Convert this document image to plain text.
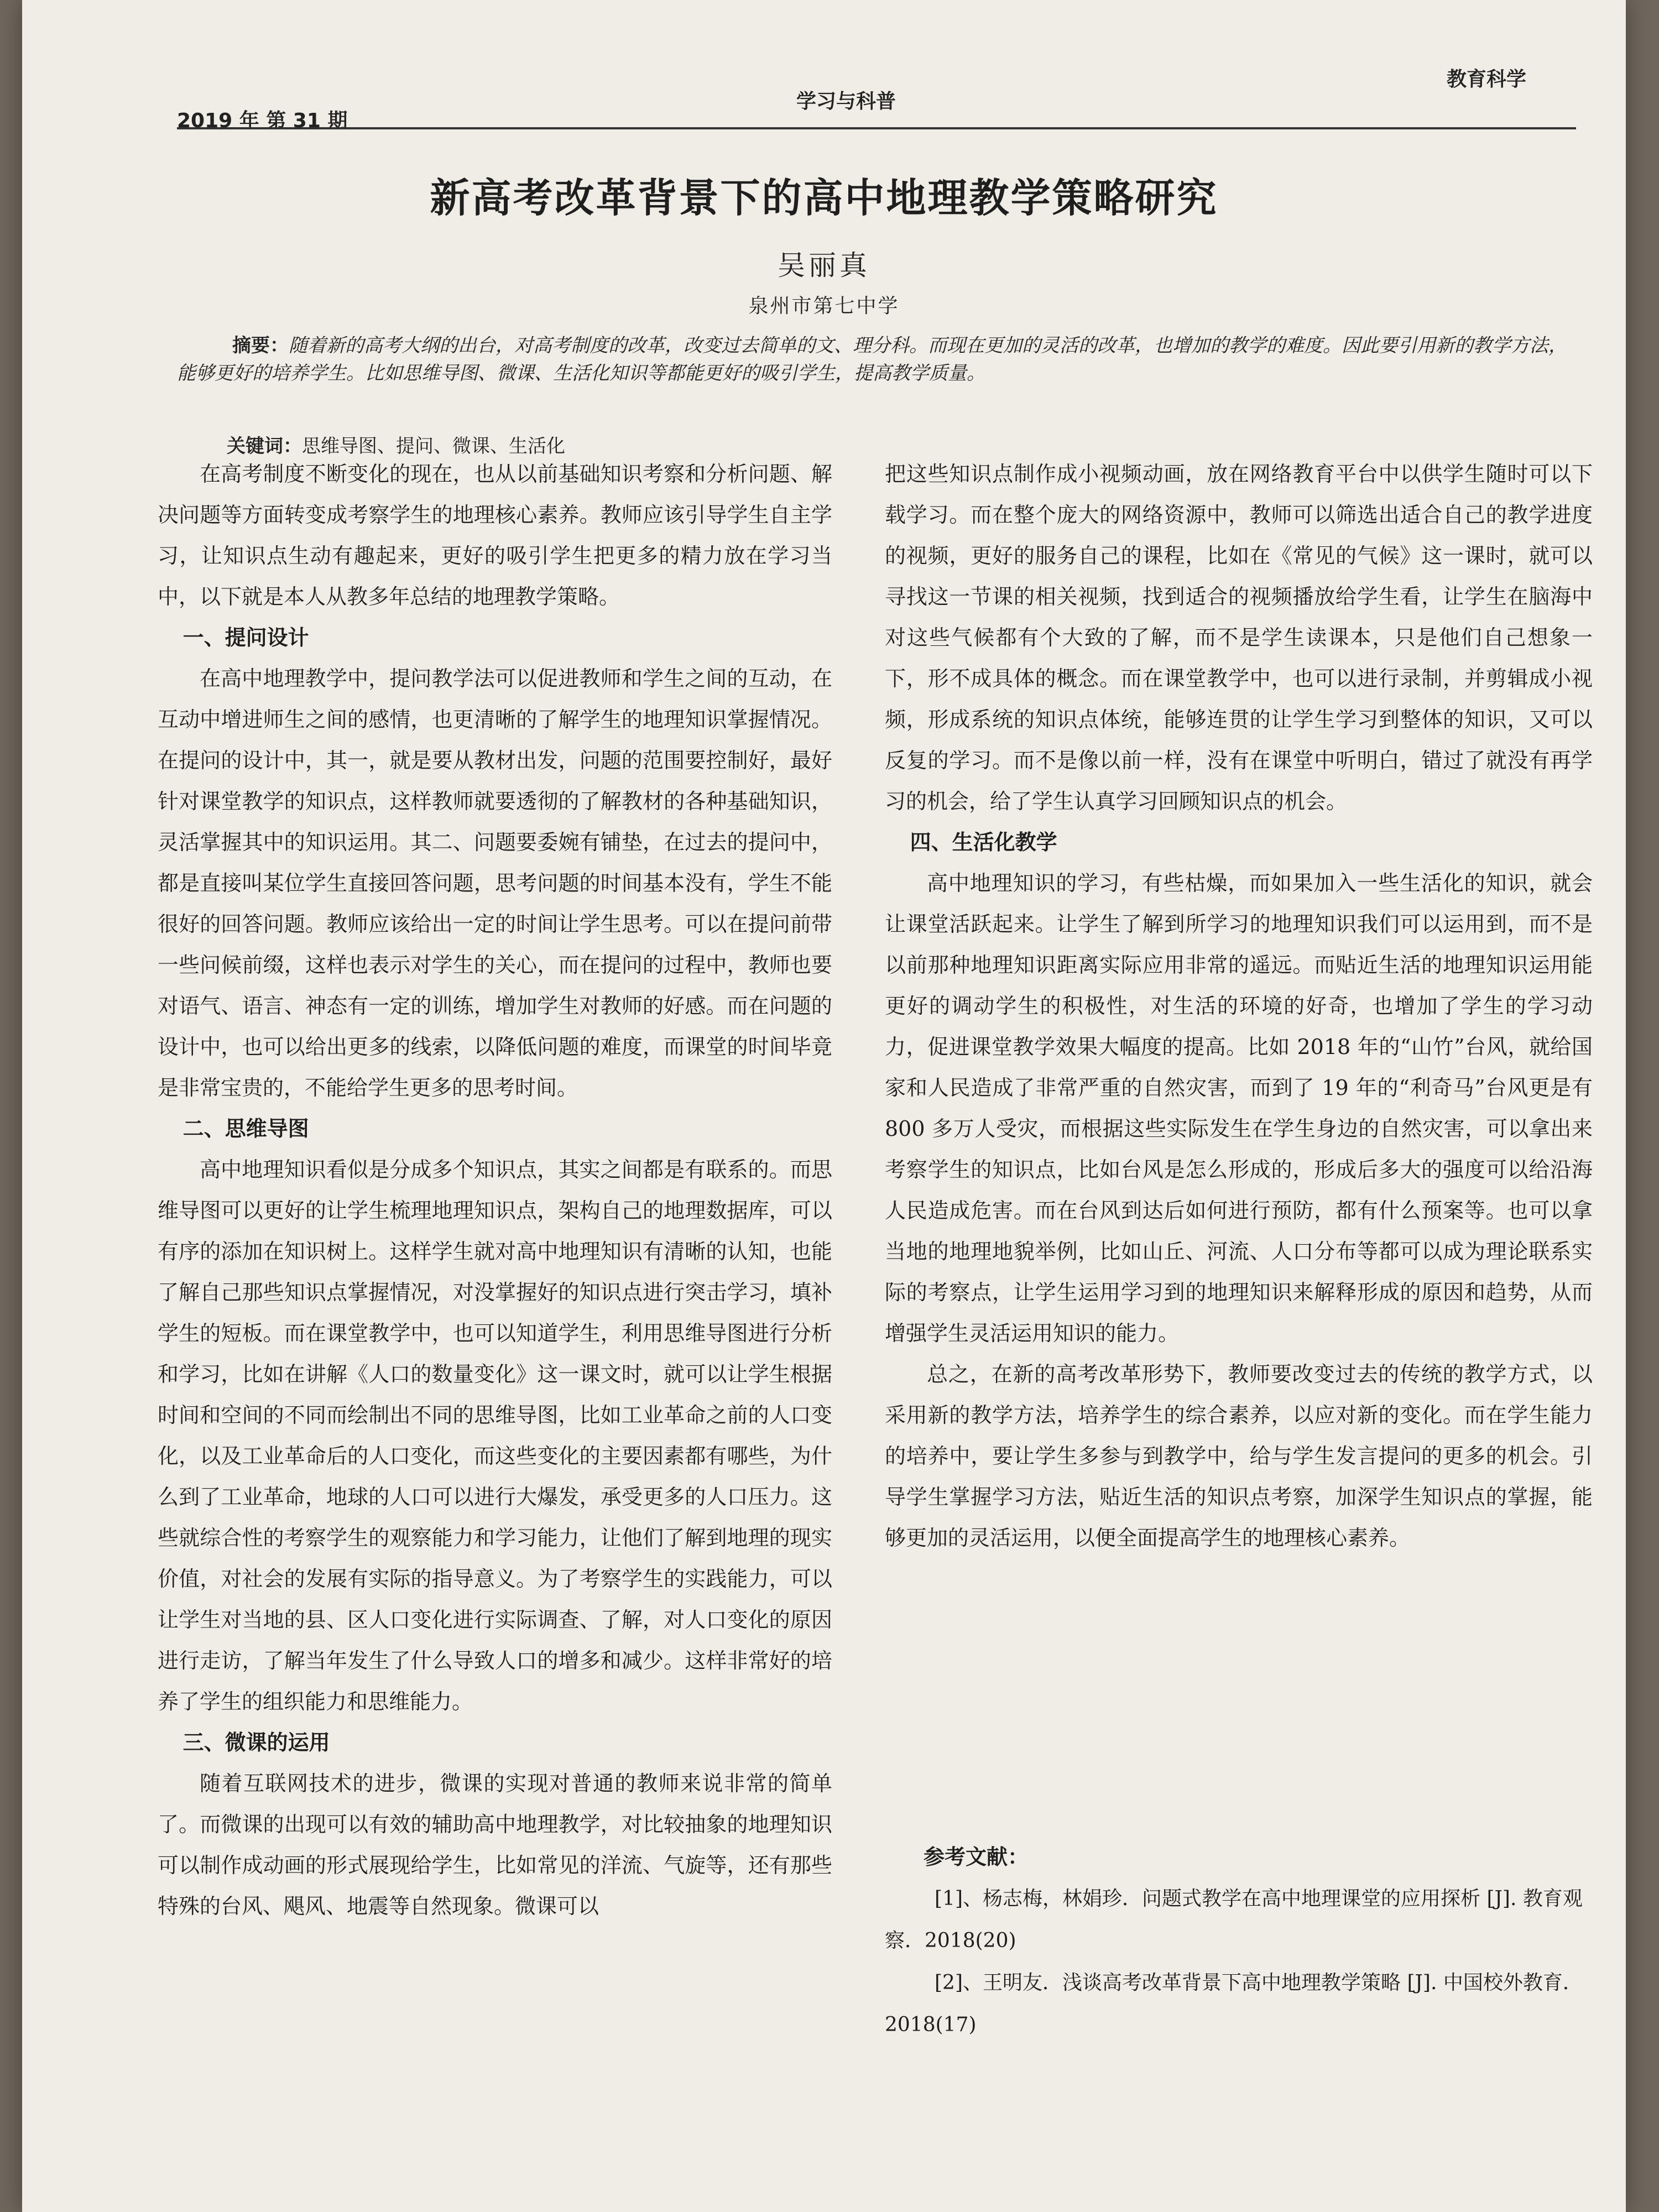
2019 年 第 31 期
学习与科普
教育科学
新高考改革背景下的高中地理教学策略研究
吴丽真
泉州市第七中学
摘要：随着新的高考大纲的出台，对高考制度的改革，改变过去简单的文、理分科。而现在更加的灵活的改革，也增加的教学的难度。因此要引用新的教学方法，能够更好的培养学生。比如思维导图、微课、生活化知识等都能更好的吸引学生，提高教学质量。
关键词：思维导图、提问、微课、生活化

在高考制度不断变化的现在，也从以前基础知识考察和分析问题、解决问题等方面转变成考察学生的地理核心素养。教师应该引导学生自主学习，让知识点生动有趣起来，更好的吸引学生把更多的精力放在学习当中，以下就是本人从教多年总结的地理教学策略。

一、提问设计

在高中地理教学中，提问教学法可以促进教师和学生之间的互动，在互动中增进师生之间的感情，也更清晰的了解学生的地理知识掌握情况。在提问的设计中，其一，就是要从教材出发，问题的范围要控制好，最好针对课堂教学的知识点，这样教师就要透彻的了解教材的各种基础知识，灵活掌握其中的知识运用。其二、问题要委婉有铺垫，在过去的提问中，都是直接叫某位学生直接回答问题，思考问题的时间基本没有，学生不能很好的回答问题。教师应该给出一定的时间让学生思考。可以在提问前带一些问候前缀，这样也表示对学生的关心，而在提问的过程中，教师也要对语气、语言、神态有一定的训练，增加学生对教师的好感。而在问题的设计中，也可以给出更多的线索，以降低问题的难度，而课堂的时间毕竟是非常宝贵的，不能给学生更多的思考时间。

二、思维导图

高中地理知识看似是分成多个知识点，其实之间都是有联系的。而思维导图可以更好的让学生梳理地理知识点，架构自己的地理数据库，可以有序的添加在知识树上。这样学生就对高中地理知识有清晰的认知，也能了解自己那些知识点掌握情况，对没掌握好的知识点进行突击学习，填补学生的短板。而在课堂教学中，也可以知道学生，利用思维导图进行分析和学习，比如在讲解《人口的数量变化》这一课文时，就可以让学生根据时间和空间的不同而绘制出不同的思维导图，比如工业革命之前的人口变化，以及工业革命后的人口变化，而这些变化的主要因素都有哪些，为什么到了工业革命，地球的人口可以进行大爆发，承受更多的人口压力。这些就综合性的考察学生的观察能力和学习能力，让他们了解到地理的现实价值，对社会的发展有实际的指导意义。为了考察学生的实践能力，可以让学生对当地的县、区人口变化进行实际调查、了解，对人口变化的原因进行走访，了解当年发生了什么导致人口的增多和减少。这样非常好的培养了学生的组织能力和思维能力。

三、微课的运用

随着互联网技术的进步，微课的实现对普通的教师来说非常的简单了。而微课的出现可以有效的辅助高中地理教学，对比较抽象的地理知识可以制作成动画的形式展现给学生，比如常见的洋流、气旋等，还有那些特殊的台风、飓风、地震等自然现象。微课可以

把这些知识点制作成小视频动画，放在网络教育平台中以供学生随时可以下载学习。而在整个庞大的网络资源中，教师可以筛选出适合自己的教学进度的视频，更好的服务自己的课程，比如在《常见的气候》这一课时，就可以寻找这一节课的相关视频，找到适合的视频播放给学生看，让学生在脑海中对这些气候都有个大致的了解，而不是学生读课本，只是他们自己想象一下，形不成具体的概念。而在课堂教学中，也可以进行录制，并剪辑成小视频，形成系统的知识点体统，能够连贯的让学生学习到整体的知识，又可以反复的学习。而不是像以前一样，没有在课堂中听明白，错过了就没有再学习的机会，给了学生认真学习回顾知识点的机会。

四、生活化教学

高中地理知识的学习，有些枯燥，而如果加入一些生活化的知识，就会让课堂活跃起来。让学生了解到所学习的地理知识我们可以运用到，而不是以前那种地理知识距离实际应用非常的遥远。而贴近生活的地理知识运用能更好的调动学生的积极性，对生活的环境的好奇，也增加了学生的学习动力，促进课堂教学效果大幅度的提高。比如 2018 年的“山竹”台风，就给国家和人民造成了非常严重的自然灾害，而到了 19 年的“利奇马”台风更是有 800 多万人受灾，而根据这些实际发生在学生身边的自然灾害，可以拿出来考察学生的知识点，比如台风是怎么形成的，形成后多大的强度可以给沿海人民造成危害。而在台风到达后如何进行预防，都有什么预案等。也可以拿当地的地理地貌举例，比如山丘、河流、人口分布等都可以成为理论联系实际的考察点，让学生运用学习到的地理知识来解释形成的原因和趋势，从而增强学生灵活运用知识的能力。

总之，在新的高考改革形势下，教师要改变过去的传统的教学方式，以采用新的教学方法，培养学生的综合素养，以应对新的变化。而在学生能力的培养中，要让学生多参与到教学中，给与学生发言提问的更多的机会。引导学生掌握学习方法，贴近生活的知识点考察，加深学生知识点的掌握，能够更加的灵活运用，以便全面提高学生的地理核心素养。

参考文献：

[1]、杨志梅，林娟珍．问题式教学在高中地理课堂的应用探析 [J]. 教育观察．2018(20)

[2]、王明友．浅谈高考改革背景下高中地理教学策略 [J]. 中国校外教育．2018(17)
